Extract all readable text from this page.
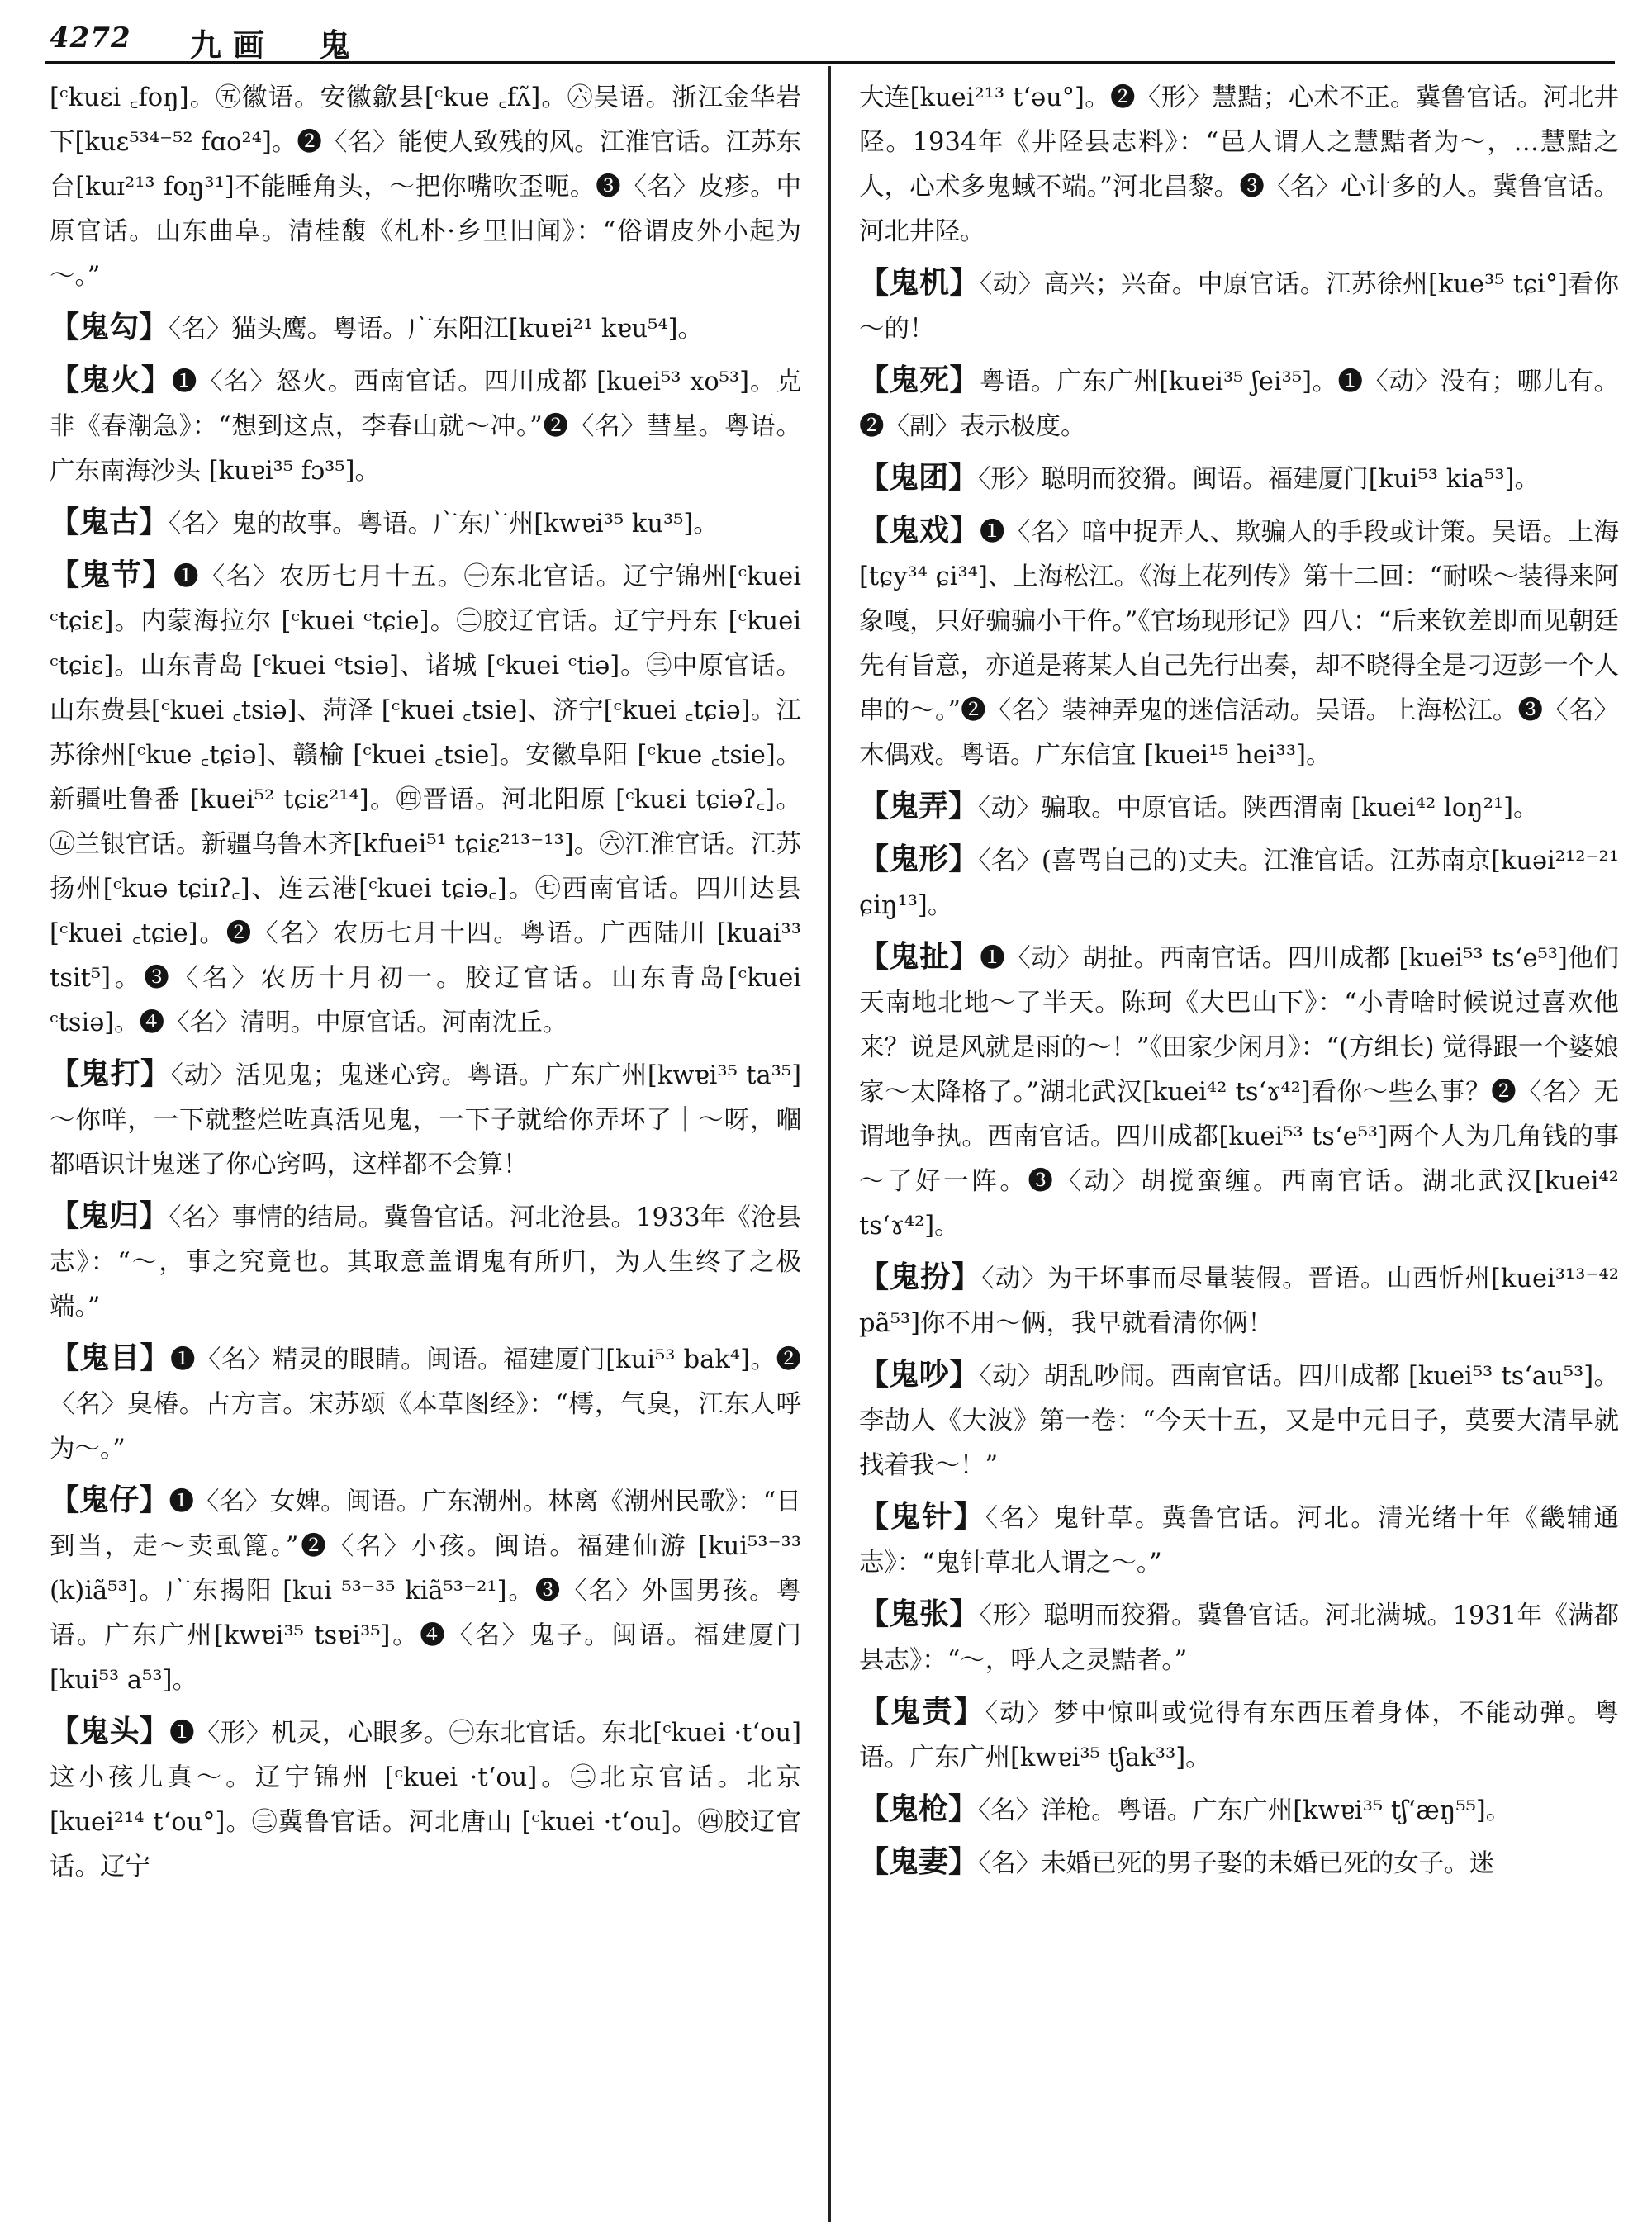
4272 九画　鬼
[ᶜkuɛi ꜀foŋ]。㊄徽语。安徽歙县[ᶜkue ꜀fʌ̃]。㊅吴语。浙江金华岩下[kuɛ⁵³⁴⁻⁵² fɑo²⁴]。❷〈名〉能使人致残的风。江淮官话。江苏东台[kuɪ²¹³ foŋ³¹]不能睡角头，～把你嘴吹歪呃。❸〈名〉皮疹。中原官话。山东曲阜。清桂馥《札朴·乡里旧闻》：“俗谓皮外小起为～。”
【鬼勾】〈名〉猫头鹰。粤语。广东阳江[kuɐi²¹ kɐu⁵⁴]。
【鬼火】❶〈名〉怒火。西南官话。四川成都 [kuei⁵³ xo⁵³]。克非《春潮急》：“想到这点，李春山就～冲。”❷〈名〉彗星。粤语。广东南海沙头 [kuɐi³⁵ fɔ³⁵]。
【鬼古】〈名〉鬼的故事。粤语。广东广州[kwɐi³⁵ ku³⁵]。
【鬼节】❶〈名〉农历七月十五。㊀东北官话。辽宁锦州[ᶜkuei ᶜtɕiɛ]。内蒙海拉尔 [ᶜkuei ᶜtɕie]。㊁胶辽官话。辽宁丹东 [ᶜkuei ᶜtɕiɛ]。山东青岛 [ᶜkuei ᶜtsiə]、诸城 [ᶜkuei ᶜtiə]。㊂中原官话。山东费县[ᶜkuei ꜀tsiə]、菏泽 [ᶜkuei ꜀tsie]、济宁[ᶜkuei ꜀tɕiə]。江苏徐州[ᶜkue ꜀tɕiə]、赣榆 [ᶜkuei ꜀tsie]。安徽阜阳 [ᶜkue ꜀tsie]。新疆吐鲁番 [kuei⁵² tɕiɛ²¹⁴]。㊃晋语。河北阳原 [ᶜkuɛi tɕiəʔ꜀]。㊄兰银官话。新疆乌鲁木齐[kfuei⁵¹ tɕiɛ²¹³⁻¹³]。㊅江淮官话。江苏扬州[ᶜkuə tɕiɪʔ꜀]、连云港[ᶜkuei tɕiə꜀]。㊆西南官话。四川达县 [ᶜkuei ꜀tɕie]。❷〈名〉农历七月十四。粤语。广西陆川 [kuai³³ tsit⁵]。❸〈名〉农历十月初一。胶辽官话。山东青岛[ᶜkuei ᶜtsiə]。❹〈名〉清明。中原官话。河南沈丘。
【鬼打】〈动〉活见鬼；鬼迷心窍。粤语。广东广州[kwɐi³⁵ ta³⁵] ～你咩，一下就整烂咗真活见鬼，一下子就给你弄坏了｜～呀，嗰都唔识计鬼迷了你心窍吗，这样都不会算！
【鬼归】〈名〉事情的结局。冀鲁官话。河北沧县。1933年《沧县志》：“～，事之究竟也。其取意盖谓鬼有所归，为人生终了之极端。”
【鬼目】❶〈名〉精灵的眼睛。闽语。福建厦门[kui⁵³ bak⁴]。❷〈名〉臭椿。古方言。宋苏颂《本草图经》：“樗，气臭，江东人呼为～。”
【鬼仔】❶〈名〉女婢。闽语。广东潮州。林离《潮州民歌》：“日到当，走～卖虱篦。”❷〈名〉小孩。闽语。福建仙游 [kui⁵³⁻³³ (k)iã⁵³]。广东揭阳 [kui ⁵³⁻³⁵ kiã⁵³⁻²¹]。❸〈名〉外国男孩。粤语。广东广州[kwɐi³⁵ tsɐi³⁵]。❹〈名〉鬼子。闽语。福建厦门 [kui⁵³ a⁵³]。
【鬼头】❶〈形〉机灵，心眼多。㊀东北官话。东北[ᶜkuei ·t‘ou] 这小孩儿真～。辽宁锦州 [ᶜkuei ·t‘ou]。㊁北京官话。北京[kuei²¹⁴ t‘ou°]。㊂冀鲁官话。河北唐山 [ᶜkuei ·t‘ou]。㊃胶辽官话。辽宁
大连[kuei²¹³ t‘əu°]。❷〈形〉慧黠；心术不正。冀鲁官话。河北井陉。1934年《井陉县志料》：“邑人谓人之慧黠者为～，…慧黠之人，心术多鬼蜮不端。”河北昌黎。❸〈名〉心计多的人。冀鲁官话。河北井陉。
【鬼机】〈动〉高兴；兴奋。中原官话。江苏徐州[kue³⁵ tɕi°]看你～的！
【鬼死】粤语。广东广州[kuɐi³⁵ ʃei³⁵]。❶〈动〉没有；哪儿有。❷〈副〉表示极度。
【鬼团】〈形〉聪明而狡猾。闽语。福建厦门[kui⁵³ kia⁵³]。
【鬼戏】❶〈名〉暗中捉弄人、欺骗人的手段或计策。吴语。上海 [tɕy³⁴ ɕi³⁴]、上海松江。《海上花列传》第十二回：“耐哚～装得来阿象嘎，只好骗骗小干仵。”《官场现形记》四八：“后来钦差即面见朝廷先有旨意，亦道是蒋某人自己先行出奏，却不晓得全是刁迈彭一个人串的～。”❷〈名〉装神弄鬼的迷信活动。吴语。上海松江。❸〈名〉木偶戏。粤语。广东信宜 [kuei¹⁵ hei³³]。
【鬼弄】〈动〉骗取。中原官话。陕西渭南 [kuei⁴² loŋ²¹]。
【鬼形】〈名〉(喜骂自己的)丈夫。江淮官话。江苏南京[kuəi²¹²⁻²¹ ɕiŋ¹³]。
【鬼扯】❶〈动〉胡扯。西南官话。四川成都 [kuei⁵³ ts‘e⁵³]他们天南地北地～了半天。陈珂《大巴山下》：“小青啥时候说过喜欢他来？说是风就是雨的～！”《田家少闲月》：“(方组长) 觉得跟一个婆娘家～太降格了。”湖北武汉[kuei⁴² ts‘ɤ⁴²]看你～些么事？❷〈名〉无谓地争执。西南官话。四川成都[kuei⁵³ ts‘e⁵³]两个人为几角钱的事～了好一阵。❸〈动〉胡搅蛮缠。西南官话。湖北武汉[kuei⁴² ts‘ɤ⁴²]。
【鬼扮】〈动〉为干坏事而尽量装假。晋语。山西忻州[kuei³¹³⁻⁴² pã⁵³]你不用～俩，我早就看清你俩！
【鬼吵】〈动〉胡乱吵闹。西南官话。四川成都 [kuei⁵³ ts‘au⁵³]。李劼人《大波》第一卷：“今天十五，又是中元日子，莫要大清早就找着我～！”
【鬼针】〈名〉鬼针草。冀鲁官话。河北。清光绪十年《畿辅通志》：“鬼针草北人谓之～。”
【鬼张】〈形〉聪明而狡猾。冀鲁官话。河北满城。1931年《满都县志》：“～，呼人之灵黠者。”
【鬼责】〈动〉梦中惊叫或觉得有东西压着身体，不能动弹。粤语。广东广州[kwɐi³⁵ tʃak³³]。
【鬼枪】〈名〉洋枪。粤语。广东广州[kwɐi³⁵ tʃ‘æŋ⁵⁵]。
【鬼妻】〈名〉未婚已死的男子娶的未婚已死的女子。迷
